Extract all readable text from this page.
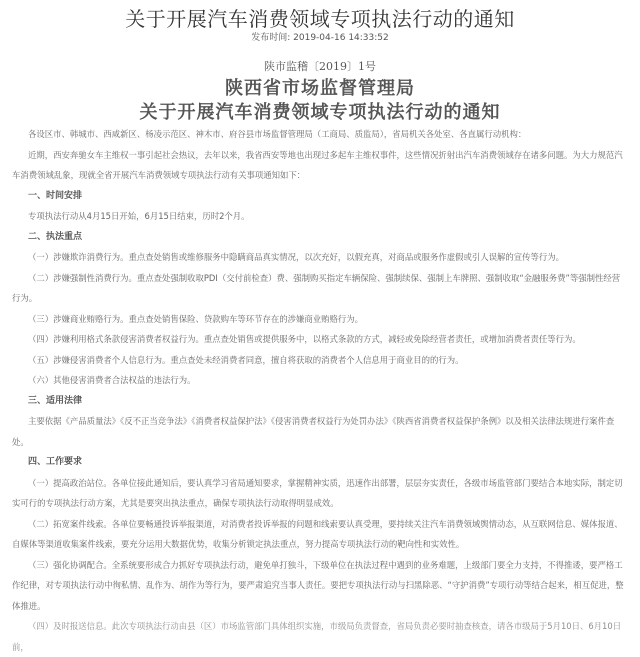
关于开展汽车消费领域专项执法行动的通知
发布时间: 2019-04-16 14:33:52
陕市监稽〔2019〕1号
陕西省市场监督管理局
关于开展汽车消费领域专项执法行动的通知

各设区市、韩城市、西咸新区、杨凌示范区、神木市、府谷县市场监督管理局（工商局、质监局），省局机关各处室、各直属行动机构：

近期，西安奔驰女车主维权一事引起社会热议，去年以来，我省西安等地也出现过多起车主维权事件，这些情况折射出汽车消费领域存在诸多问题。为大力规范汽车消费领域乱象，现就全省开展汽车消费领域专项执法行动有关事项通知如下：

一、时间安排

专项执法行动从4月15日开始，6月15日结束，历时2个月。

二、执法重点

（一）涉嫌欺诈消费行为。重点查处销售或维修服务中隐瞒商品真实情况，以次充好，以假充真，对商品或服务作虚假或引人误解的宣传等行为。

（二）涉嫌强制性消费行为。重点查处强制收取PDI（交付前检查）费、强制购买指定车辆保险、强制续保、强制上车牌照、强制收取“金融服务费”等强制性经营行为。

（三）涉嫌商业贿赂行为。重点查处销售保险、贷款购车等环节存在的涉嫌商业贿赂行为。

（四）涉嫌利用格式条款侵害消费者权益行为。重点查处销售或提供服务中，以格式条款的方式，减轻或免除经营者责任，或增加消费者责任等行为。

（五）涉嫌侵害消费者个人信息行为。重点查处未经消费者同意，擅自将获取的消费者个人信息用于商业目的的行为。

（六）其他侵害消费者合法权益的违法行为。

三、适用法律

主要依据《产品质量法》《反不正当竞争法》《消费者权益保护法》《侵害消费者权益行为处罚办法》《陕西省消费者权益保护条例》以及相关法律法规进行案件查处。

四、工作要求

（一）提高政治站位。各单位接此通知后，要认真学习省局通知要求，掌握精神实质，迅速作出部署，层层夯实责任，各级市场监管部门要结合本地实际，制定切实可行的专项执法行动方案，尤其是要突出执法重点，确保专项执法行动取得明显成效。

（二）拓宽案件线索。各单位要畅通投诉举报渠道，对消费者投诉举报的问题和线索要认真受理，要持续关注汽车消费领域舆情动态，从互联网信息、媒体报道、自媒体等渠道收集案件线索，要充分运用大数据优势，收集分析锁定执法重点，努力提高专项执法行动的靶向性和实效性。

（三）强化协调配合。全系统要形成合力抓好专项执法行动，避免单打独斗，下级单位在执法过程中遇到的业务难题，上级部门要全力支持，不得推诿，要严格工作纪律，对专项执法行动中徇私情、乱作为、胡作为等行为，要严肃追究当事人责任。要把专项执法行动与扫黑除恶、“守护消费”专项行动等结合起来，相互促进，整体推进。

（四）及时报送信息。此次专项执法行动由县（区）市场监管部门具体组织实施，市级局负责督查，省局负责必要时抽查核查，请各市级局于5月10日、6月10日前，
